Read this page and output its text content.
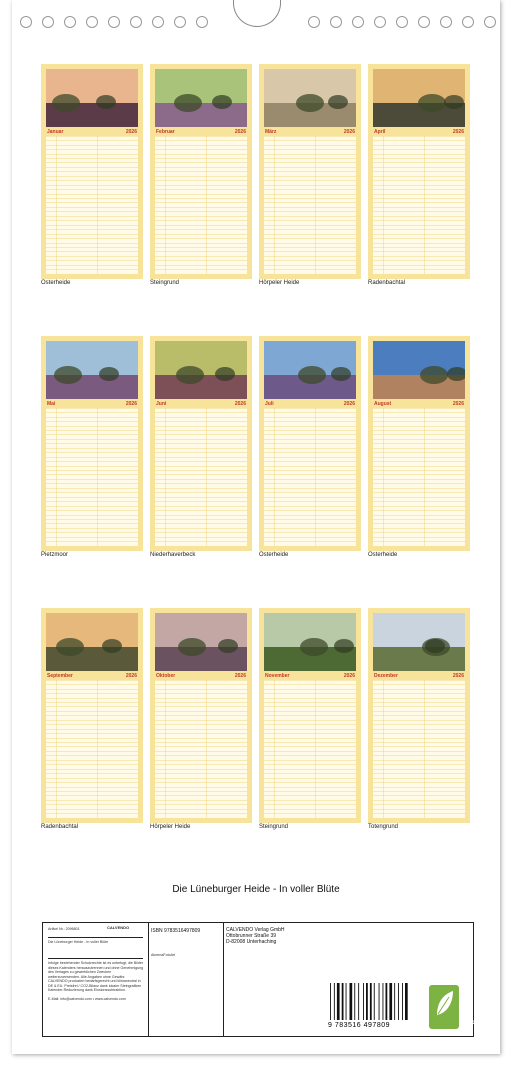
Januar	2026
Osterheide
Februar	2026
Steingrund
März	2026
Hörpeler Heide
April	2026
Radenbachtal
Mai	2026
Pietzmoor
Juni	2026
Niederhaverbeck
Juli	2026
Osterheide
August	2026
Osterheide
September	2026
Radenbachtal
Oktober	2026
Hörpeler Heide
November	2026
Steingrund
Dezember	2026
Totengrund
Die Lüneburger Heide - In voller Blüte
Artikel Nr.: 2096801	CALVENDO
Die Lüneburger Heide - In voller Blüte
Infolge bestehender Schutzrechte ist es unbefugt, die Bilder dieses Kalenders herauszutrennen und ohne Genehmigung des Verlages zu gewerblichen Zwecken weiterzuverwenden. Alle Angaben ohne Gewähr. CALVENDO produziert bedarfsgerecht und klimaneutral in DE & EU. Preisfrei / CO2-Bilanz dank lokaler Steingrafiken Kalender-Reduzierung dank Elosionssubtraktion.
E-Mail: info@calvendo.com • www.calvendo.com
ISBN 9783516497809
AkremaFotoArt
CALVENDO Verlag GmbH
Ottobrunner Straße 39
D-82008 Unterhaching
9 783516 497809	eco
